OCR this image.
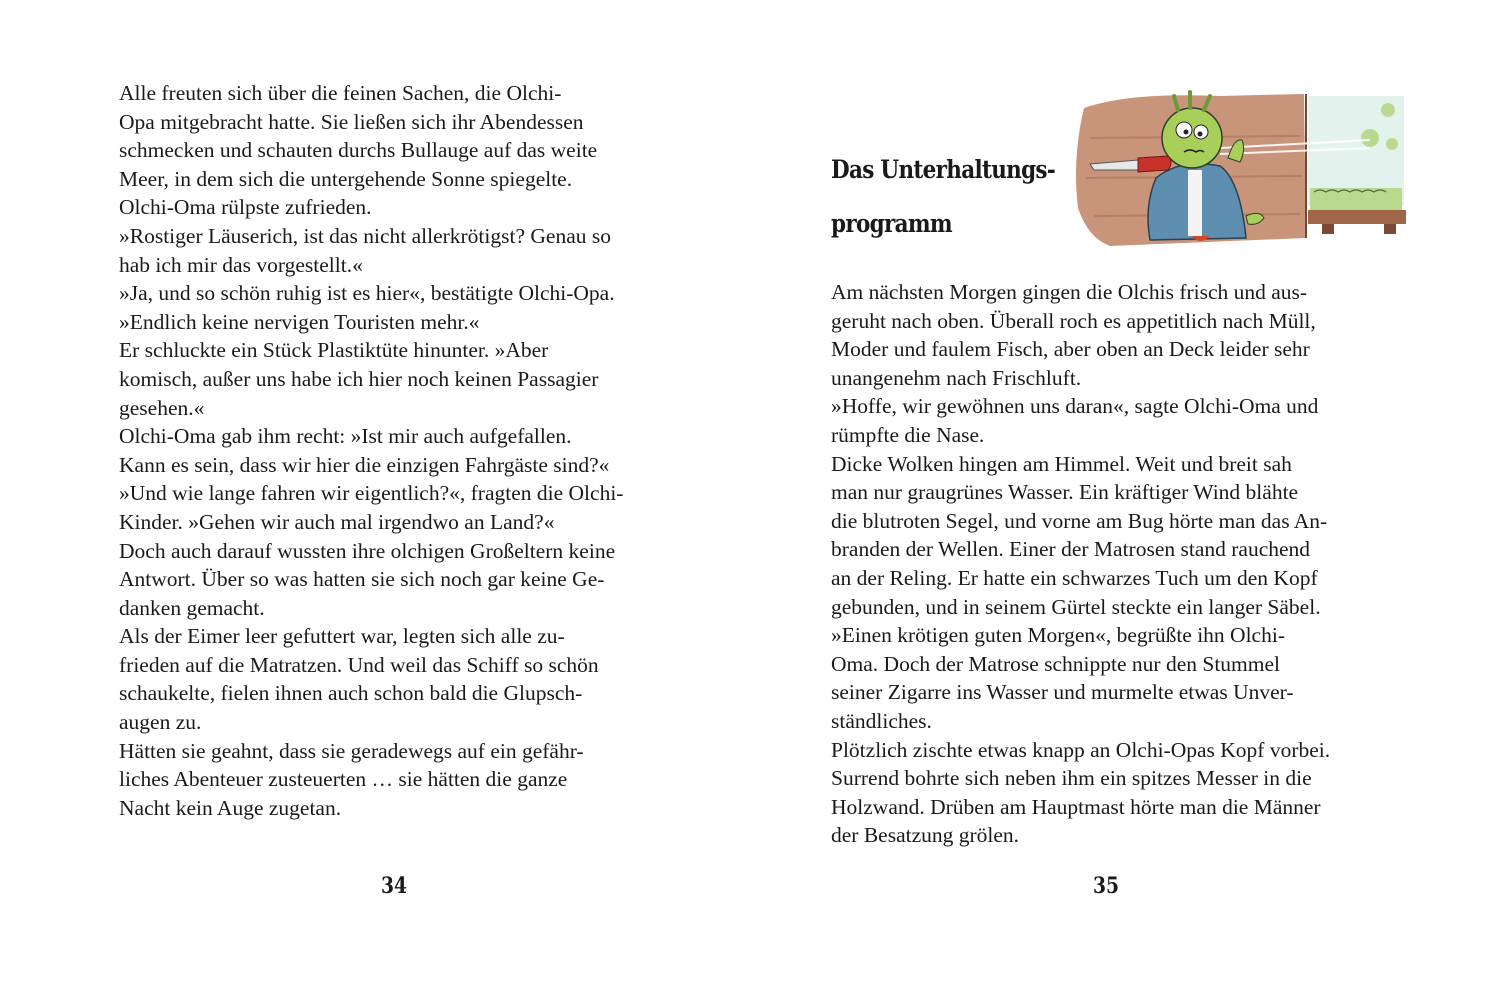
Alle freuten sich über die feinen Sachen, die Olchi-
Opa mitgebracht hatte. Sie ließen sich ihr Abendessen
schmecken und schauten durchs Bullauge auf das weite
Meer, in dem sich die untergehende Sonne spiegelte.
Olchi-Oma rülpste zufrieden.
»Rostiger Läuserich, ist das nicht allerkrötigst? Genau so
hab ich mir das vorgestellt.«
»Ja, und so schön ruhig ist es hier«, bestätigte Olchi-Opa.
»Endlich keine nervigen Touristen mehr.«
Er schluckte ein Stück Plastiktüte hinunter. »Aber
komisch, außer uns habe ich hier noch keinen Passagier
gesehen.«
Olchi-Oma gab ihm recht: »Ist mir auch aufgefallen.
Kann es sein, dass wir hier die einzigen Fahrgäste sind?«
»Und wie lange fahren wir eigentlich?«, fragten die Olchi-
Kinder. »Gehen wir auch mal irgendwo an Land?«
Doch auch darauf wussten ihre olchigen Großeltern keine
Antwort. Über so was hatten sie sich noch gar keine Ge-
danken gemacht.
Als der Eimer leer gefuttert war, legten sich alle zu-
frieden auf die Matratzen. Und weil das Schiff so schön
schaukelte, fielen ihnen auch schon bald die Glupsch-
augen zu.
Hätten sie geahnt, dass sie geradewegs auf ein gefähr-
liches Abenteuer zusteuerten … sie hätten die ganze
Nacht kein Auge zugetan.
34
Das Unterhaltungs-
programm
Am nächsten Morgen gingen die Olchis frisch und aus-
geruht nach oben. Überall roch es appetitlich nach Müll,
Moder und faulem Fisch, aber oben an Deck leider sehr
unangenehm nach Frischluft.
»Hoffe, wir gewöhnen uns daran«, sagte Olchi-Oma und
rümpfte die Nase.
Dicke Wolken hingen am Himmel. Weit und breit sah
man nur graugrünes Wasser. Ein kräftiger Wind blähte
die blutroten Segel, und vorne am Bug hörte man das An-
branden der Wellen. Einer der Matrosen stand rauchend
an der Reling. Er hatte ein schwarzes Tuch um den Kopf
gebunden, und in seinem Gürtel steckte ein langer Säbel.
»Einen krötigen guten Morgen«, begrüßte ihn Olchi-
Oma. Doch der Matrose schnippte nur den Stummel
seiner Zigarre ins Wasser und murmelte etwas Unver-
ständliches.
Plötzlich zischte etwas knapp an Olchi-Opas Kopf vorbei.
Surrend bohrte sich neben ihm ein spitzes Messer in die
Holzwand. Drüben am Hauptmast hörte man die Männer
der Besatzung grölen.
35
